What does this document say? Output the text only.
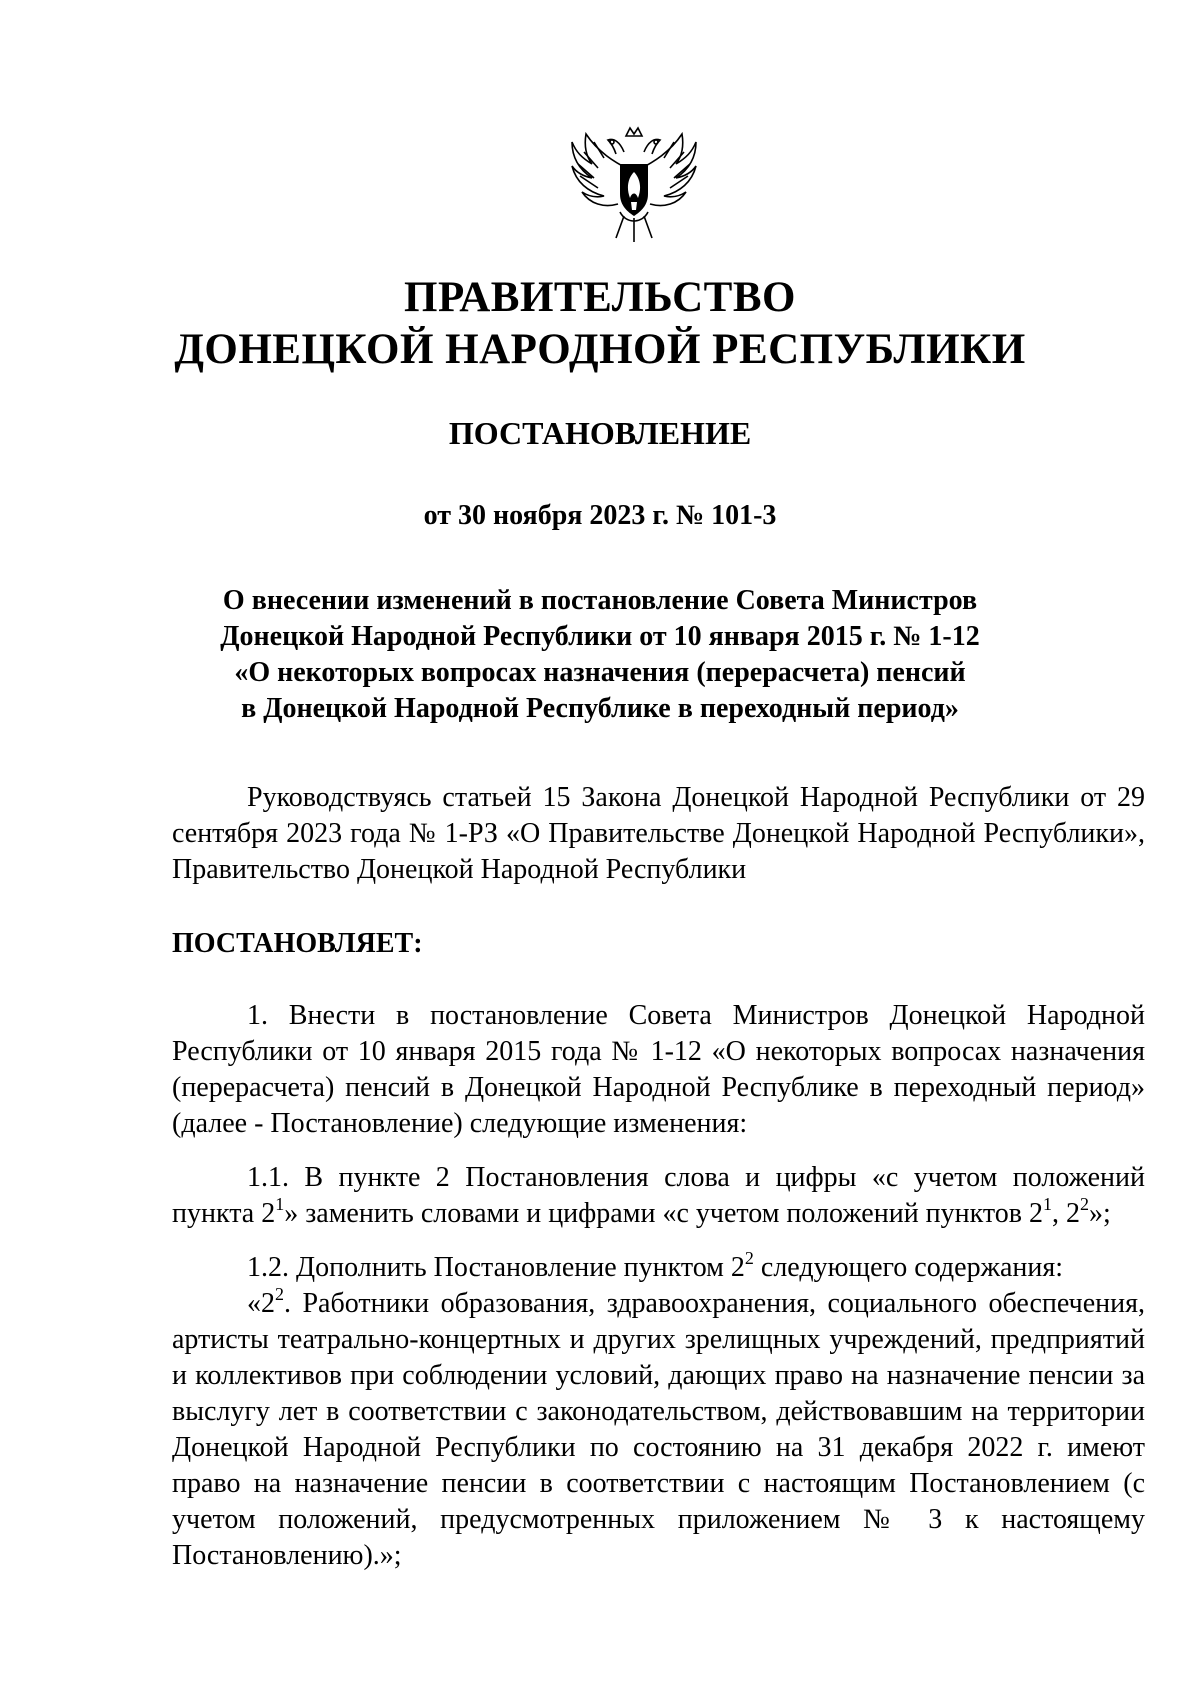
ПРАВИТЕЛЬСТВО
ДОНЕЦКОЙ НАРОДНОЙ РЕСПУБЛИКИ
ПОСТАНОВЛЕНИЕ
от 30 ноября 2023 г. № 101-3
О внесении изменений в постановление Совета Министров
Донецкой Народной Республики от 10 января 2015 г. № 1-12
«О некоторых вопросах назначения (перерасчета) пенсий
в Донецкой Народной Республике в переходный период»
Руководствуясь статьей 15 Закона Донецкой Народной Республики от 29 сентября 2023 года № 1-РЗ «О Правительстве Донецкой Народной Республики», Правительство Донецкой Народной Республики
ПОСТАНОВЛЯЕТ:
1. Внести в постановление Совета Министров Донецкой Народной Республики от 10 января 2015 года № 1-12 «О некоторых вопросах назначения (перерасчета) пенсий в Донецкой Народной Республике в переходный период» (далее - Постановление) следующие изменения:
1.1. В пункте 2 Постановления слова и цифры «с учетом положений пункта $2^1$» заменить словами и цифрами «с учетом положений пунктов $2^1$, $2^2$»;
1.2. Дополнить Постановление пунктом $2^2$ следующего содержания:
«$2^2$. Работники образования, здравоохранения, социального обеспечения, артисты театрально-концертных и других зрелищных учреждений, предприятий и коллективов при соблюдении условий, дающих право на назначение пенсии за выслугу лет в соответствии с законодательством, действовавшим на территории Донецкой Народной Республики по состоянию на 31 декабря 2022 г. имеют право на назначение пенсии в соответствии с настоящим Постановлением (с учетом положений, предусмотренных приложением № 3 к настоящему Постановлению).»;
